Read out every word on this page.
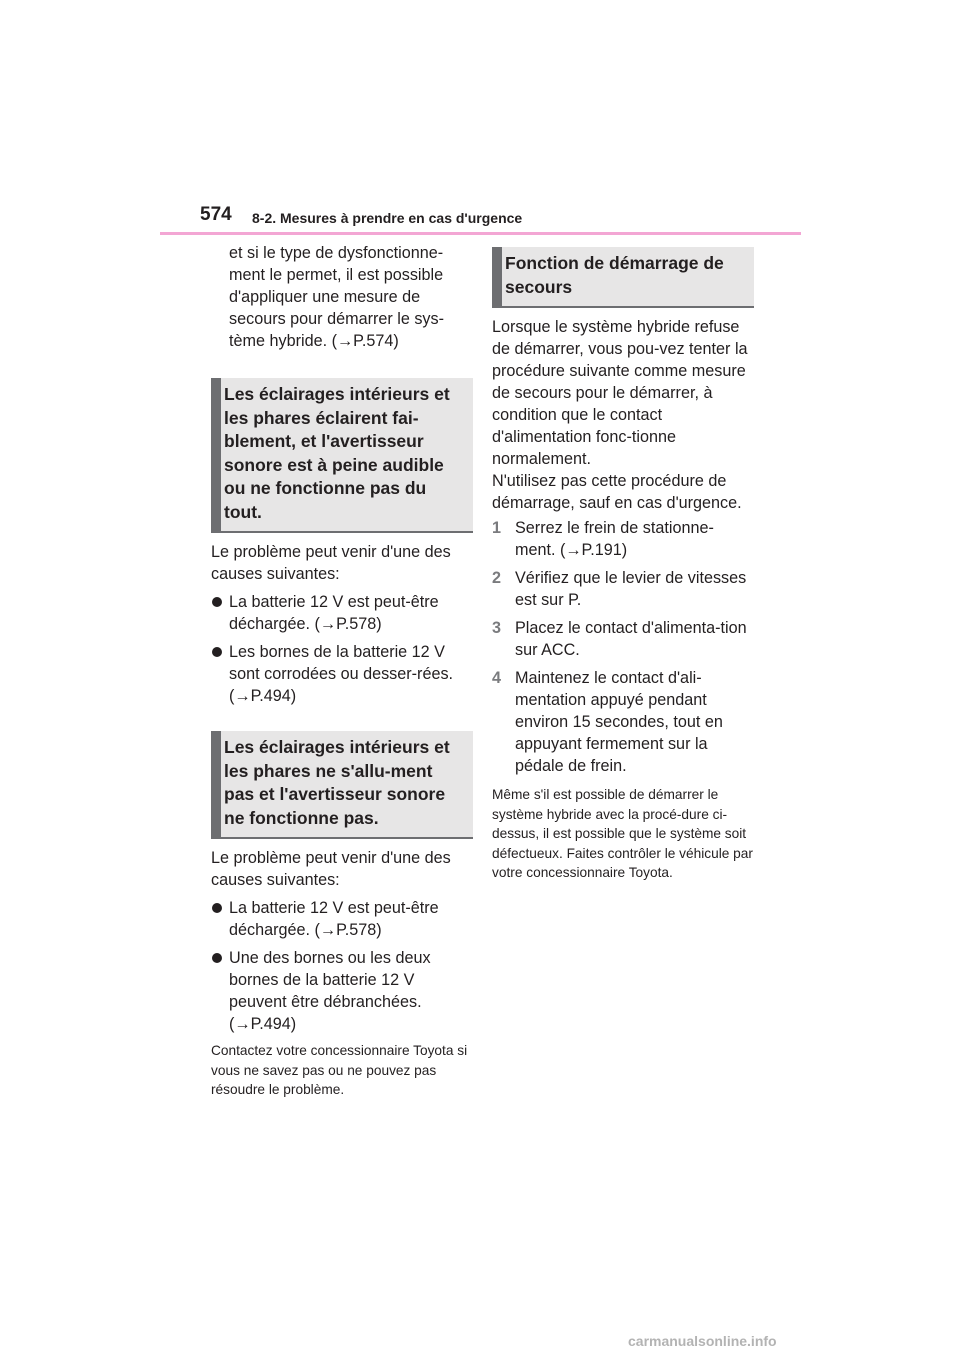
574 8-2. Mesures à prendre en cas d'urgence

et si le type de dysfonctionne-ment le permet, il est possible d'appliquer une mesure de secours pour démarrer le sys-tème hybride. (→P.574)

Les éclairages intérieurs et les phares éclairent fai-blement, et l'avertisseur sonore est à peine audible ou ne fonctionne pas du tout.

Le problème peut venir d'une des causes suivantes:

La batterie 12 V est peut-être déchargée. (→P.578)
Les bornes de la batterie 12 V sont corrodées ou desser-rées. (→P.494)
Les éclairages intérieurs et les phares ne s'allu-ment pas et l'avertisseur sonore ne fonctionne pas.

Le problème peut venir d'une des causes suivantes:

La batterie 12 V est peut-être déchargée. (→P.578)
Une des bornes ou les deux bornes de la batterie 12 V peuvent être débranchées. (→P.494)

Contactez votre concessionnaire Toyota si vous ne savez pas ou ne pouvez pas résoudre le problème.

Fonction de démarrage de secours

Lorsque le système hybride refuse de démarrer, vous pou-vez tenter la procédure suivante comme mesure de secours pour le démarrer, à condition que le contact d'alimentation fonc-tionne normalement.

N'utilisez pas cette procédure de démarrage, sauf en cas d'urgence.

1 Serrez le frein de stationne-ment. (→P.191)
2 Vérifiez que le levier de vitesses est sur P.
3 Placez le contact d'alimenta-tion sur ACC.
4 Maintenez le contact d'ali-mentation appuyé pendant environ 15 secondes, tout en appuyant fermement sur la pédale de frein.

Même s'il est possible de démarrer le système hybride avec la procé-dure ci-dessus, il est possible que le système soit défectueux. Faites contrôler le véhicule par votre concessionnaire Toyota.

carmanualsonline.info
